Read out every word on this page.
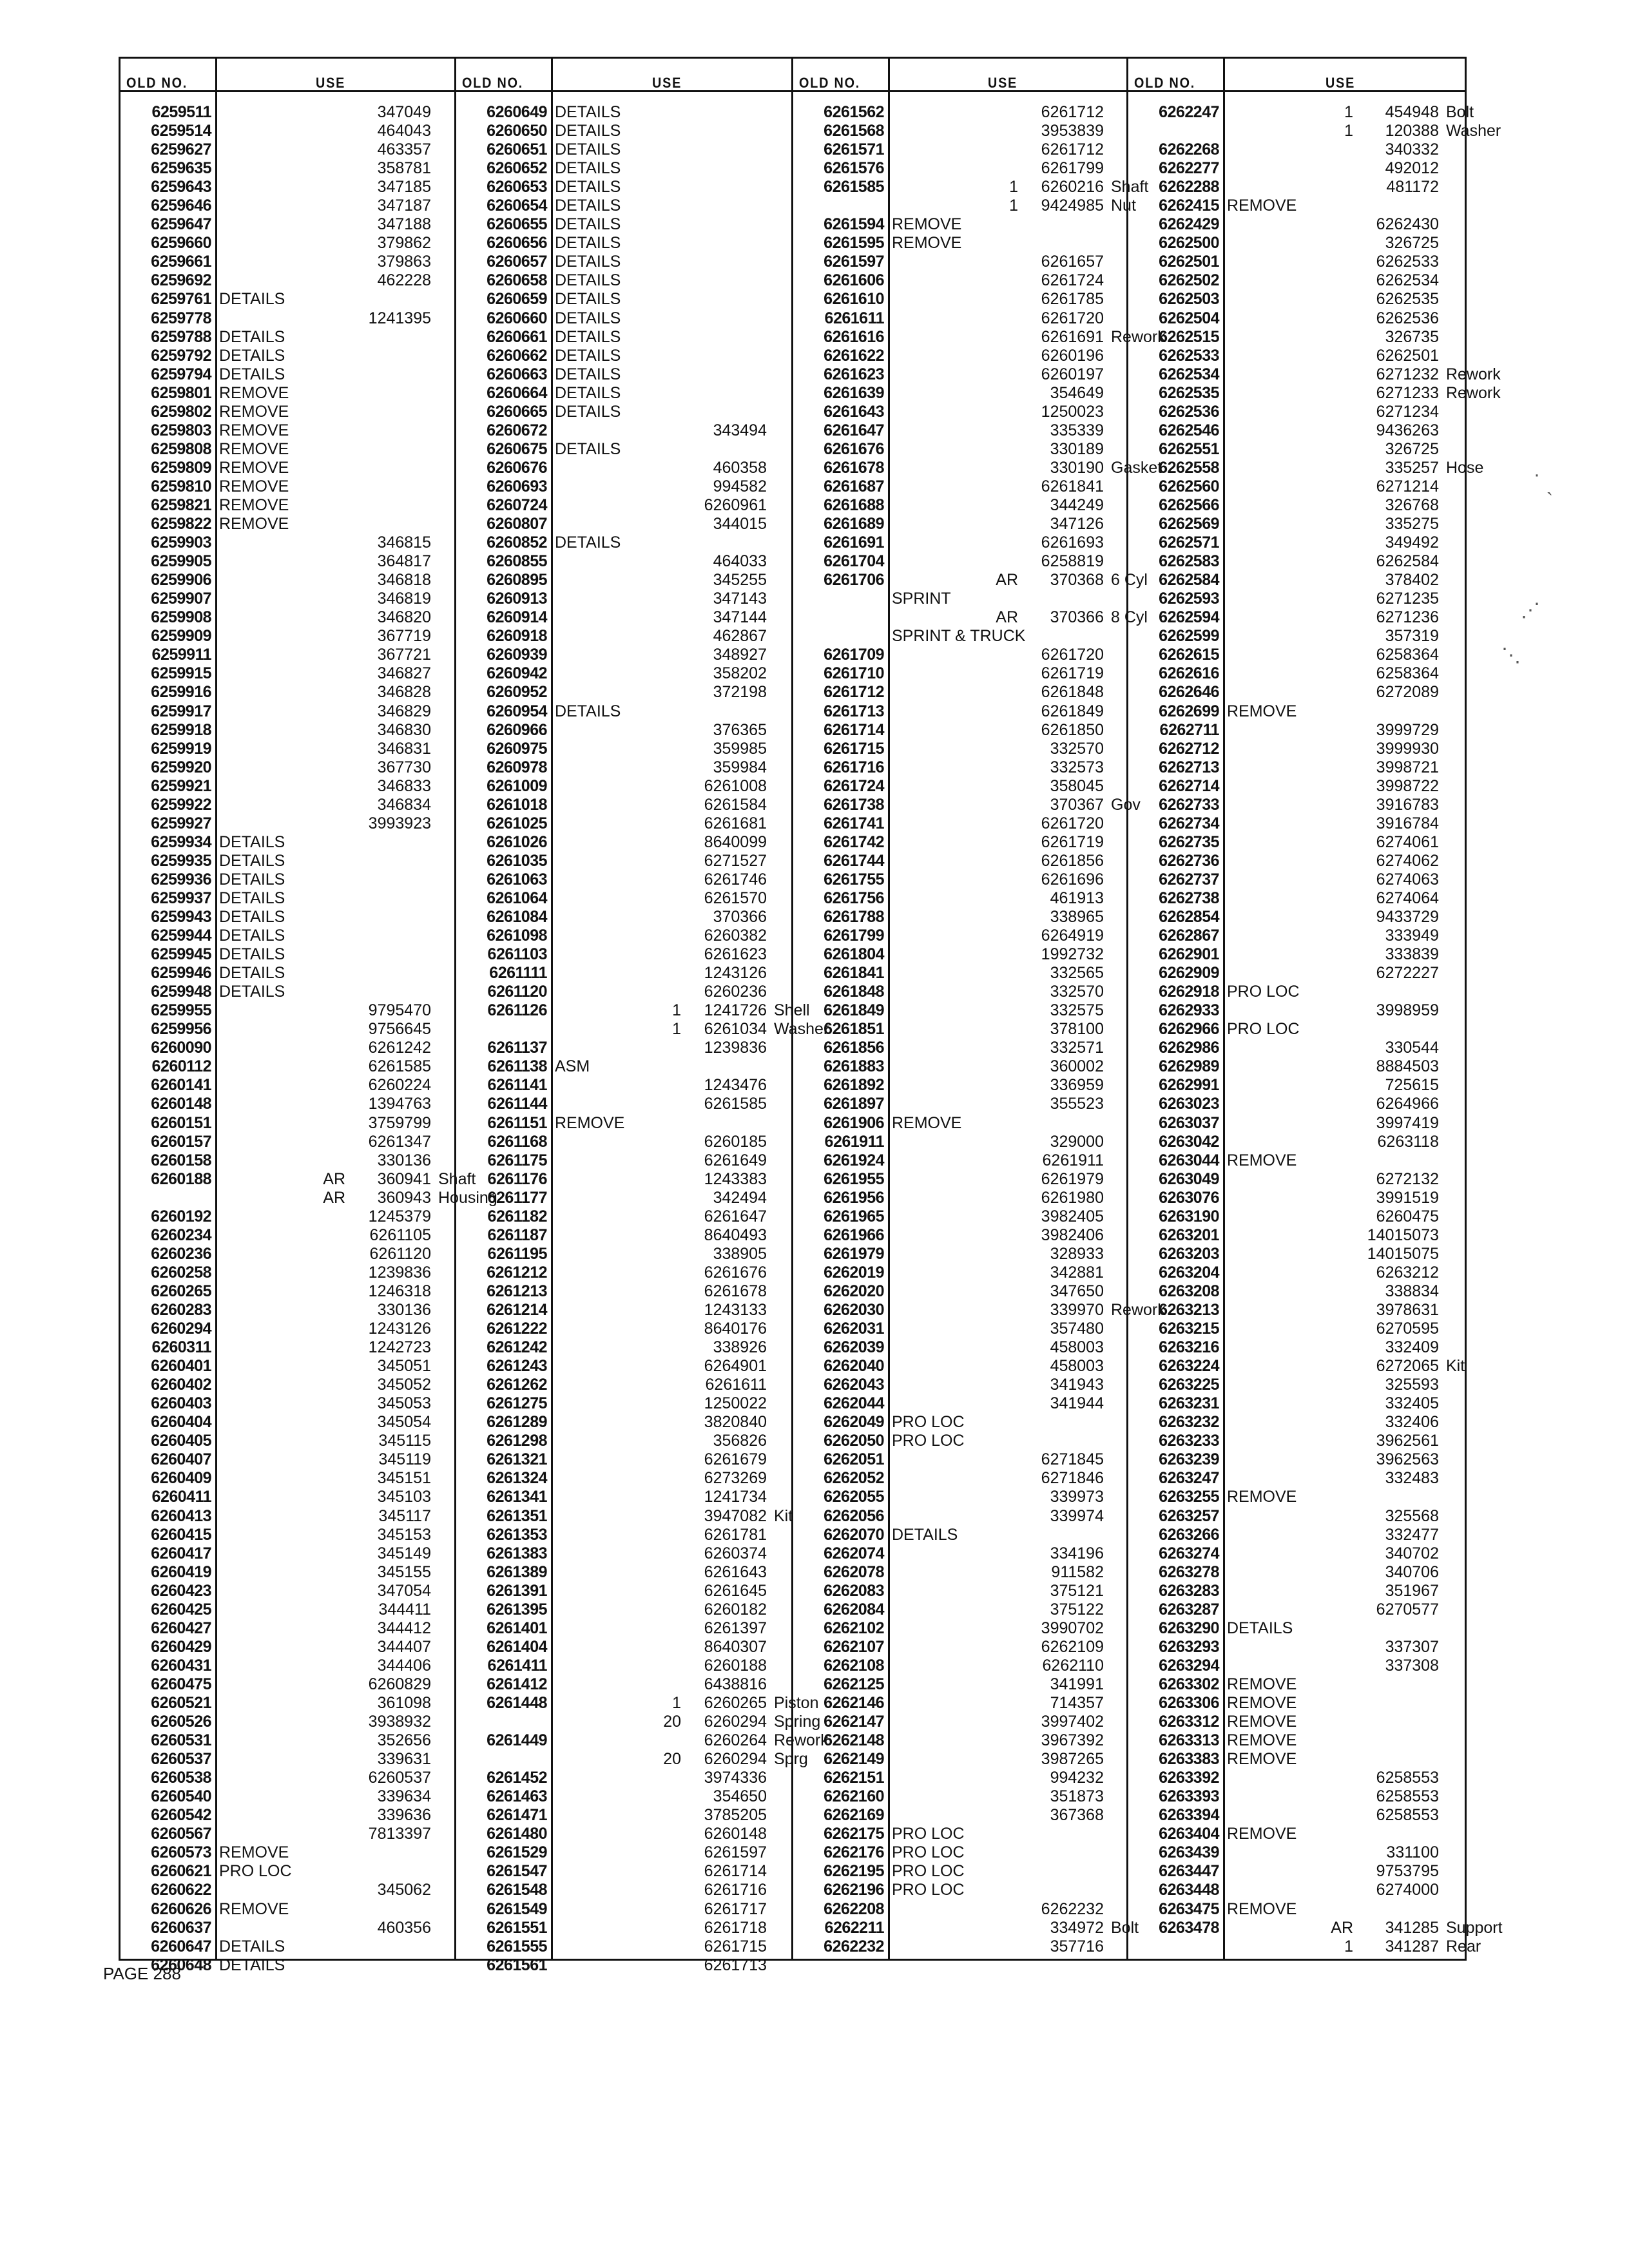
OLD NO.	USE
6259511	347049
6259514	464043
6259627	463357
6259635	358781
6259643	347185
6259646	347187
6259647	347188
6259660	379862
6259661	379863
6259692	462228
6259761 DETAILS
6259778	1241395
6259788 DETAILS
6259792 DETAILS
6259794 DETAILS
6259801 REMOVE
6259802 REMOVE
6259803 REMOVE
6259808 REMOVE
6259809 REMOVE
6259810 REMOVE
6259821 REMOVE
6259822 REMOVE
6259903	346815
6259905	364817
6259906	346818
6259907	346819
6259908	346820
6259909	367719
6259911	367721
6259915	346827
6259916	346828
6259917	346829
6259918	346830
6259919	346831
6259920	367730
6259921	346833
6259922	346834
6259927	3993923
6259934 DETAILS
6259935 DETAILS
6259936 DETAILS
6259937 DETAILS
6259943 DETAILS
6259944 DETAILS
6259945 DETAILS
6259946 DETAILS
6259948 DETAILS
6259955	9795470
6259956	9756645
6260090	6261242
6260112	6261585
6260141	6260224
6260148	1394763
6260151	3759799
6260157	6261347
6260158	330136
6260188	AR	360941 Shaft
AR	360943 Housing
6260192	1245379
6260234	6261105
6260236	6261120
6260258	1239836
6260265	1246318
6260283	330136
6260294	1243126
6260311	1242723
6260401	345051
6260402	345052
6260403	345053
6260404	345054
6260405	345115
6260407	345119
6260409	345151
6260411	345103
6260413	345117
6260415	345153
6260417	345149
6260419	345155
6260423	347054
6260425	344411
6260427	344412
6260429	344407
6260431	344406
6260475	6260829
6260521	361098
6260526	3938932
6260531	352656
6260537	339631
6260538	6260537
6260540	339634
6260542	339636
6260567	7813397
6260573 REMOVE
6260621 PRO LOC
6260622	345062
6260626 REMOVE
6260637	460356
6260647 DETAILS
6260648 DETAILS
OLD NO.	USE
6260649 DETAILS
6260650 DETAILS
6260651 DETAILS
6260652 DETAILS
6260653 DETAILS
6260654 DETAILS
6260655 DETAILS
6260656 DETAILS
6260657 DETAILS
6260658 DETAILS
6260659 DETAILS
6260660 DETAILS
6260661 DETAILS
6260662 DETAILS
6260663 DETAILS
6260664 DETAILS
6260665 DETAILS
6260672	343494
6260675 DETAILS
6260676	460358
6260693	994582
6260724	6260961
6260807	344015
6260852 DETAILS
6260855	464033
6260895	345255
6260913	347143
6260914	347144
6260918	462867
6260939	348927
6260942	358202
6260952	372198
6260954 DETAILS
6260966	376365
6260975	359985
6260978	359984
6261009	6261008
6261018	6261584
6261025	6261681
6261026	8640099
6261035	6271527
6261063	6261746
6261064	6261570
6261084	370366
6261098	6260382
6261103	6261623
6261111	1243126
6261120	6260236
6261126	1	1241726 Shell
1	6261034 Washer
6261137	1239836
6261138 ASM
6261141	1243476
6261144	6261585
6261151 REMOVE
6261168	6260185
6261175	6261649
6261176	1243383
6261177	342494
6261182	6261647
6261187	8640493
6261195	338905
6261212	6261676
6261213	6261678
6261214	1243133
6261222	8640176
6261242	338926
6261243	6264901
6261262	6261611
6261275	1250022
6261289	3820840
6261298	356826
6261321	6261679
6261324	6273269
6261341	1241734
6261351	3947082 Kit
6261353	6261781
6261383	6260374
6261389	6261643
6261391	6261645
6261395	6260182
6261401	6261397
6261404	8640307
6261411	6260188
6261412	6438816
6261448	1	6260265 Piston
20	6260294 Spring
6261449	6260264 Rework
20	6260294 Sprg
6261452	3974336
6261463	354650
6261471	3785205
6261480	6260148
6261529	6261597
6261547	6261714
6261548	6261716
6261549	6261717
6261551	6261718
6261555	6261715
6261561	6261713
OLD NO.	USE
6261562	6261712
6261568	3953839
6261571	6261712
6261576	6261799
6261585	1	6260216 Shaft
1	9424985 Nut
6261594 REMOVE
6261595 REMOVE
6261597	6261657
6261606	6261724
6261610	6261785
6261611	6261720
6261616	6261691 Rework
6261622	6260196
6261623	6260197
6261639	354649
6261643	1250023
6261647	335339
6261676	330189
6261678	330190 Gasket
6261687	6261841
6261688	344249
6261689	347126
6261691	6261693
6261704	6258819
6261706	AR	370368 6 Cyl
SPRINT
AR	370366 8 Cyl
SPRINT & TRUCK
6261709	6261720
6261710	6261719
6261712	6261848
6261713	6261849
6261714	6261850
6261715	332570
6261716	332573
6261724	358045
6261738	370367 Gov
6261741	6261720
6261742	6261719
6261744	6261856
6261755	6261696
6261756	461913
6261788	338965
6261799	6264919
6261804	1992732
6261841	332565
6261848	332570
6261849	332575
6261851	378100
6261856	332571
6261883	360002
6261892	336959
6261897	355523
6261906 REMOVE
6261911	329000
6261924	6261911
6261955	6261979
6261956	6261980
6261965	3982405
6261966	3982406
6261979	328933
6262019	342881
6262020	347650
6262030	339970 Rework
6262031	357480
6262039	458003
6262040	458003
6262043	341943
6262044	341944
6262049 PRO LOC
6262050 PRO LOC
6262051	6271845
6262052	6271846
6262055	339973
6262056	339974
6262070 DETAILS
6262074	334196
6262078	911582
6262083	375121
6262084	375122
6262102	3990702
6262107	6262109
6262108	6262110
6262125	341991
6262146	714357
6262147	3997402
6262148	3967392
6262149	3987265
6262151	994232
6262160	351873
6262169	367368
6262175 PRO LOC
6262176 PRO LOC
6262195 PRO LOC
6262196 PRO LOC
6262208	6262232
6262211	334972 Bolt
6262232	357716
OLD NO.	USE
6262247	1	454948 Bolt
1	120388 Washer
6262268	340332
6262277	492012
6262288	481172
6262415 REMOVE
6262429	6262430
6262500	326725
6262501	6262533
6262502	6262534
6262503	6262535
6262504	6262536
6262515	326735
6262533	6262501
6262534	6271232 Rework
6262535	6271233 Rework
6262536	6271234
6262546	9436263
6262551	326725
6262558	335257 Hose
6262560	6271214
6262566	326768
6262569	335275
6262571	349492
6262583	6262584
6262584	378402
6262593	6271235
6262594	6271236
6262599	357319
6262615	6258364
6262616	6258364
6262646	6272089
6262699 REMOVE
6262711	3999729
6262712	3999930
6262713	3998721
6262714	3998722
6262733	3916783
6262734	3916784
6262735	6274061
6262736	6274062
6262737	6274063
6262738	6274064
6262854	9433729
6262867	333949
6262901	333839
6262909	6272227
6262918 PRO LOC
6262933	3998959
6262966 PRO LOC
6262986	330544
6262989	8884503
6262991	725615
6263023	6264966
6263037	3997419
6263042	6263118
6263044 REMOVE
6263049	6272132
6263076	3991519
6263190	6260475
6263201	14015073
6263203	14015075
6263204	6263212
6263208	338834
6263213	3978631
6263215	6270595
6263216	332409
6263224	6272065 Kit
6263225	325593
6263231	332405
6263232	332406
6263233	3962561
6263239	3962563
6263247	332483
6263255 REMOVE
6263257	325568
6263266	332477
6263274	340702
6263278	340706
6263283	351967
6263287	6270577
6263290 DETAILS
6263293	337307
6263294	337308
6263302 REMOVE
6263306 REMOVE
6263312 REMOVE
6263313 REMOVE
6263383 REMOVE
6263392	6258553
6263393	6258553
6263394	6258553
6263404 REMOVE
6263439	331100
6263447	9753795
6263448	6274000
6263475 REMOVE
6263478	AR	341285 Support
1	341287 Rear
PAGE 288
·
`
⋰
⋱
